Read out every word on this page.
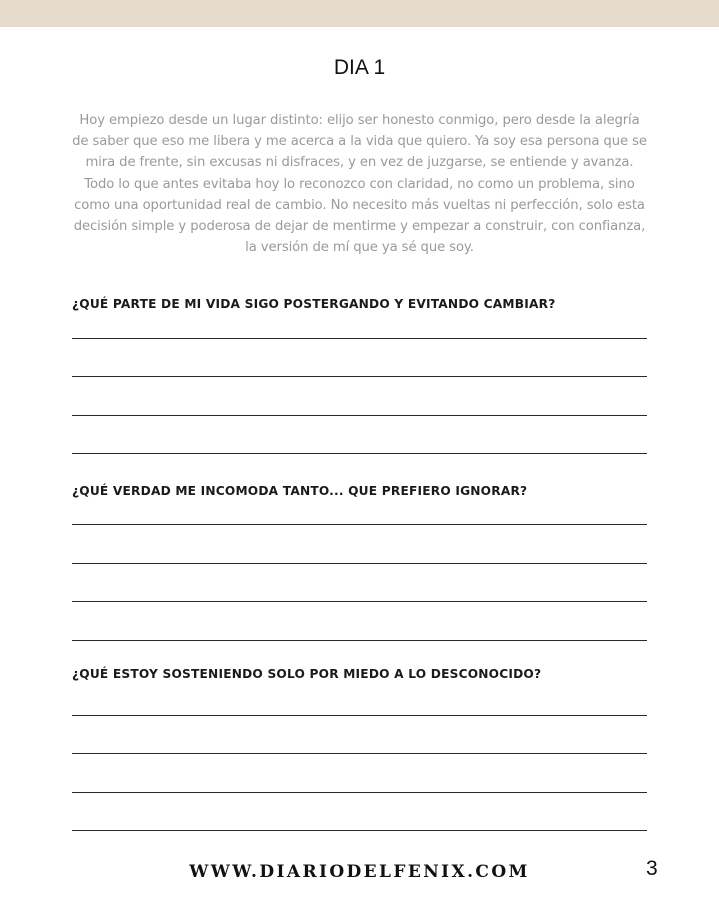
DIA 1
Hoy empiezo desde un lugar distinto: elijo ser honesto conmigo, pero desde la alegría de saber que eso me libera y me acerca a la vida que quiero. Ya soy esa persona que se mira de frente, sin excusas ni disfraces, y en vez de juzgarse, se entiende y avanza. Todo lo que antes evitaba hoy lo reconozco con claridad, no como un problema, sino como una oportunidad real de cambio. No necesito más vueltas ni perfección, solo esta decisión simple y poderosa de dejar de mentirme y empezar a construir, con confianza, la versión de mí que ya sé que soy.
¿QUÉ PARTE DE MI VIDA SIGO POSTERGANDO Y EVITANDO CAMBIAR?
¿QUÉ VERDAD ME INCOMODA TANTO... QUE PREFIERO IGNORAR?
¿QUÉ ESTOY SOSTENIENDO SOLO POR MIEDO A LO DESCONOCIDO?
WWW.DIARIODELFENIX.COM	3
